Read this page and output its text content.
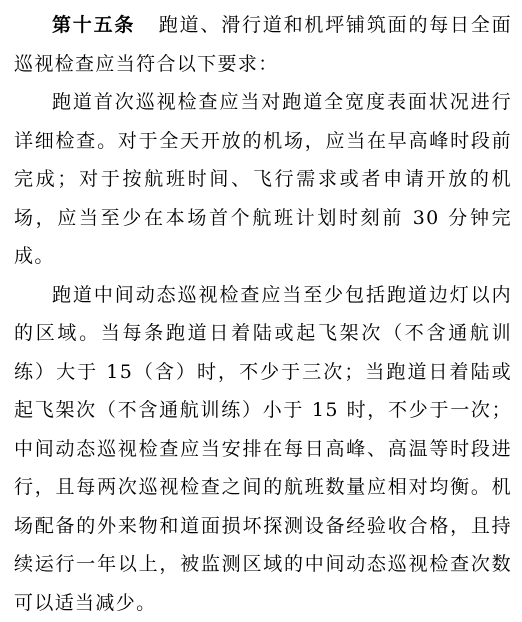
第十五条 跑道、滑行道和机坪铺筑面的每日全面巡视检查应当符合以下要求：

跑道首次巡视检查应当对跑道全宽度表面状况进行详细检查。对于全天开放的机场，应当在早高峰时段前完成；对于按航班时间、飞行需求或者申请开放的机场，应当至少在本场首个航班计划时刻前 30 分钟完成。

跑道中间动态巡视检查应当至少包括跑道边灯以内的区域。当每条跑道日着陆或起飞架次（不含通航训练）大于 15（含）时，不少于三次；当跑道日着陆或起飞架次（不含通航训练）小于 15 时，不少于一次；中间动态巡视检查应当安排在每日高峰、高温等时段进行，且每两次巡视检查之间的航班数量应相对均衡。机场配备的外来物和道面损坏探测设备经验收合格，且持续运行一年以上，被监测区域的中间动态巡视检查次数可以适当减少。
